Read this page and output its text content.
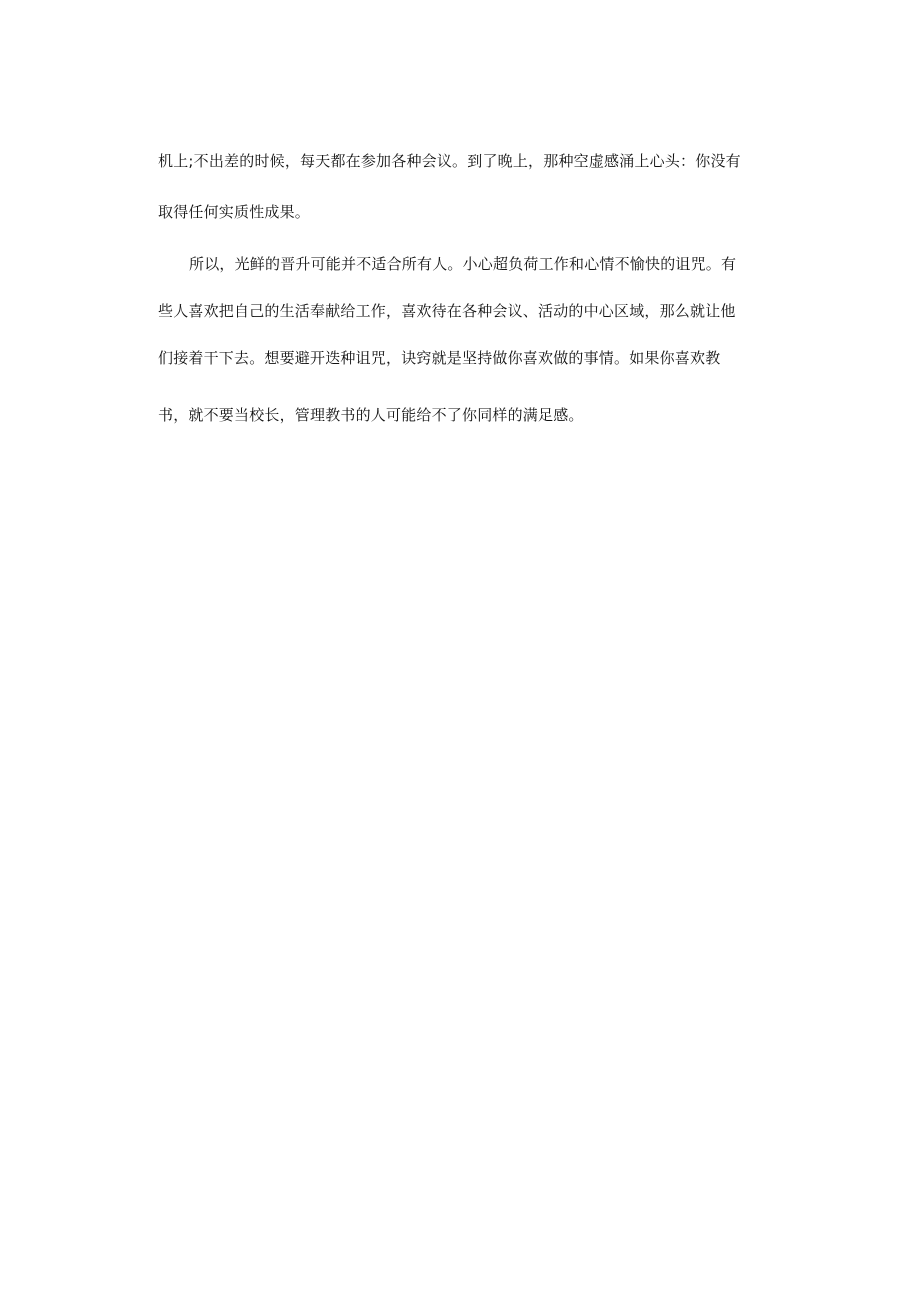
机上;不出差的时候，每天都在参加各种会议。到了晚上，那种空虚感涌上心头：你没有
取得任何实质性成果。
所以，光鲜的晋升可能并不适合所有人。小心超负荷工作和心情不愉快的诅咒。有
些人喜欢把自己的生活奉献给工作，喜欢待在各种会议、活动的中心区域，那么就让他
们接着干下去。想要避开迭种诅咒，诀窍就是坚持做你喜欢做的事情。如果你喜欢教
书，就不要当校长，管理教书的人可能给不了你同样的满足感。
